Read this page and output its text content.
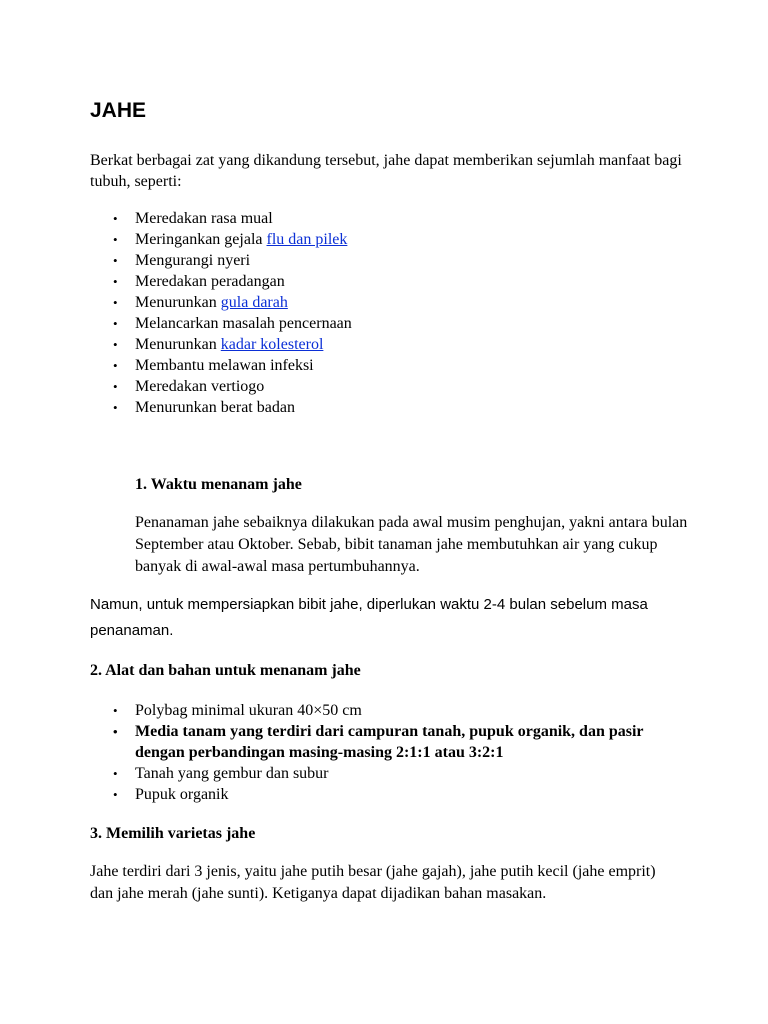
JAHE

Berkat berbagai zat yang dikandung tersebut, jahe dapat memberikan sejumlah manfaat bagi tubuh, seperti:

• Meredakan rasa mual
• Meringankan gejala flu dan pilek
• Mengurangi nyeri
• Meredakan peradangan
• Menurunkan gula darah
• Melancarkan masalah pencernaan
• Menurunkan kadar kolesterol
• Membantu melawan infeksi
• Meredakan vertiogo
• Menurunkan berat badan
1. Waktu menanam jahe

Penanaman jahe sebaiknya dilakukan pada awal musim penghujan, yakni antara bulan September atau Oktober. Sebab, bibit tanaman jahe membutuhkan air yang cukup banyak di awal-awal masa pertumbuhannya.

Namun, untuk mempersiapkan bibit jahe, diperlukan waktu 2-4 bulan sebelum masa penanaman.

2. Alat dan bahan untuk menanam jahe
• Polybag minimal ukuran 40×50 cm
• Media tanam yang terdiri dari campuran tanah, pupuk organik, dan pasir dengan perbandingan masing-masing 2:1:1 atau 3:2:1
• Tanah yang gembur dan subur
• Pupuk organik
3. Memilih varietas jahe

Jahe terdiri dari 3 jenis, yaitu jahe putih besar (jahe gajah), jahe putih kecil (jahe emprit) dan jahe merah (jahe sunti). Ketiganya dapat dijadikan bahan masakan.
